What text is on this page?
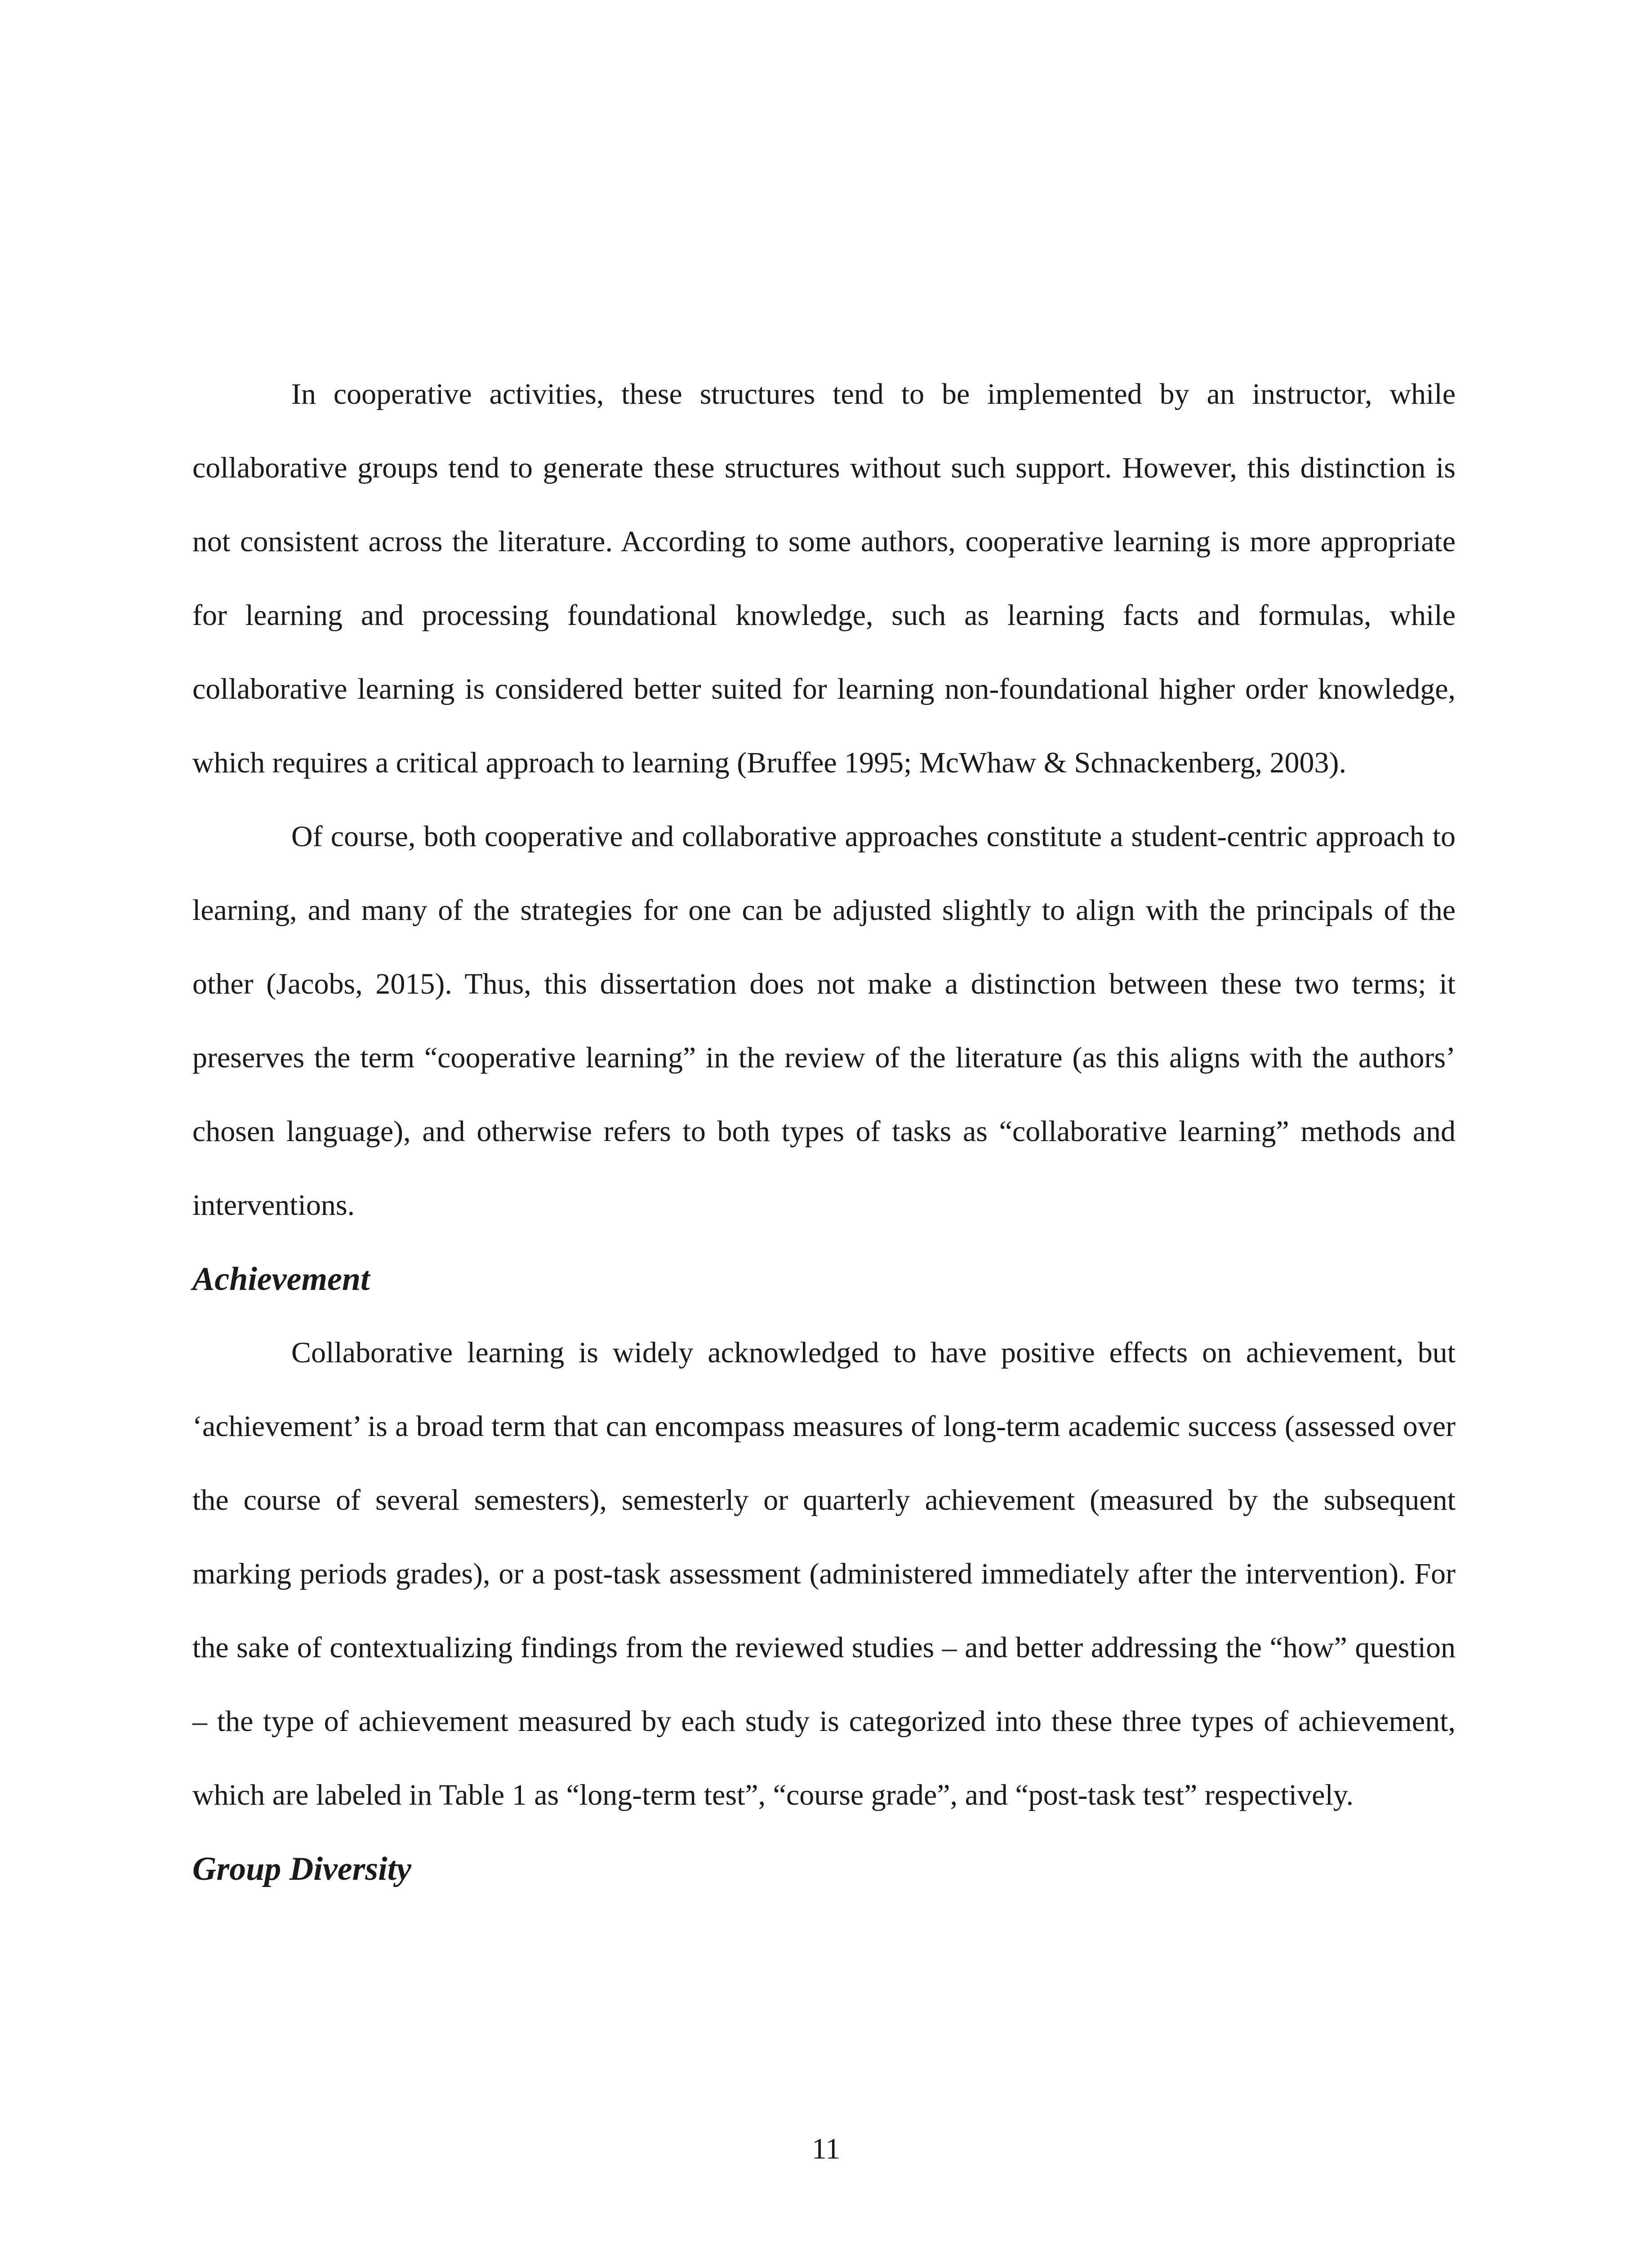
In cooperative activities, these structures tend to be implemented by an instructor, while collaborative groups tend to generate these structures without such support. However, this distinction is not consistent across the literature. According to some authors, cooperative learning is more appropriate for learning and processing foundational knowledge, such as learning facts and formulas, while collaborative learning is considered better suited for learning non-foundational higher order knowledge, which requires a critical approach to learning (Bruffee 1995; McWhaw & Schnackenberg, 2003).

Of course, both cooperative and collaborative approaches constitute a student-centric approach to learning, and many of the strategies for one can be adjusted slightly to align with the principals of the other (Jacobs, 2015). Thus, this dissertation does not make a distinction between these two terms; it preserves the term “cooperative learning” in the review of the literature (as this aligns with the authors’ chosen language), and otherwise refers to both types of tasks as “collaborative learning” methods and interventions.

Achievement

Collaborative learning is widely acknowledged to have positive effects on achievement, but ‘achievement’ is a broad term that can encompass measures of long-term academic success (assessed over the course of several semesters), semesterly or quarterly achievement (measured by the subsequent marking periods grades), or a post-task assessment (administered immediately after the intervention). For the sake of contextualizing findings from the reviewed studies – and better addressing the “how” question – the type of achievement measured by each study is categorized into these three types of achievement, which are labeled in Table 1 as “long-term test”, “course grade”, and “post-task test” respectively.

Group Diversity
11
